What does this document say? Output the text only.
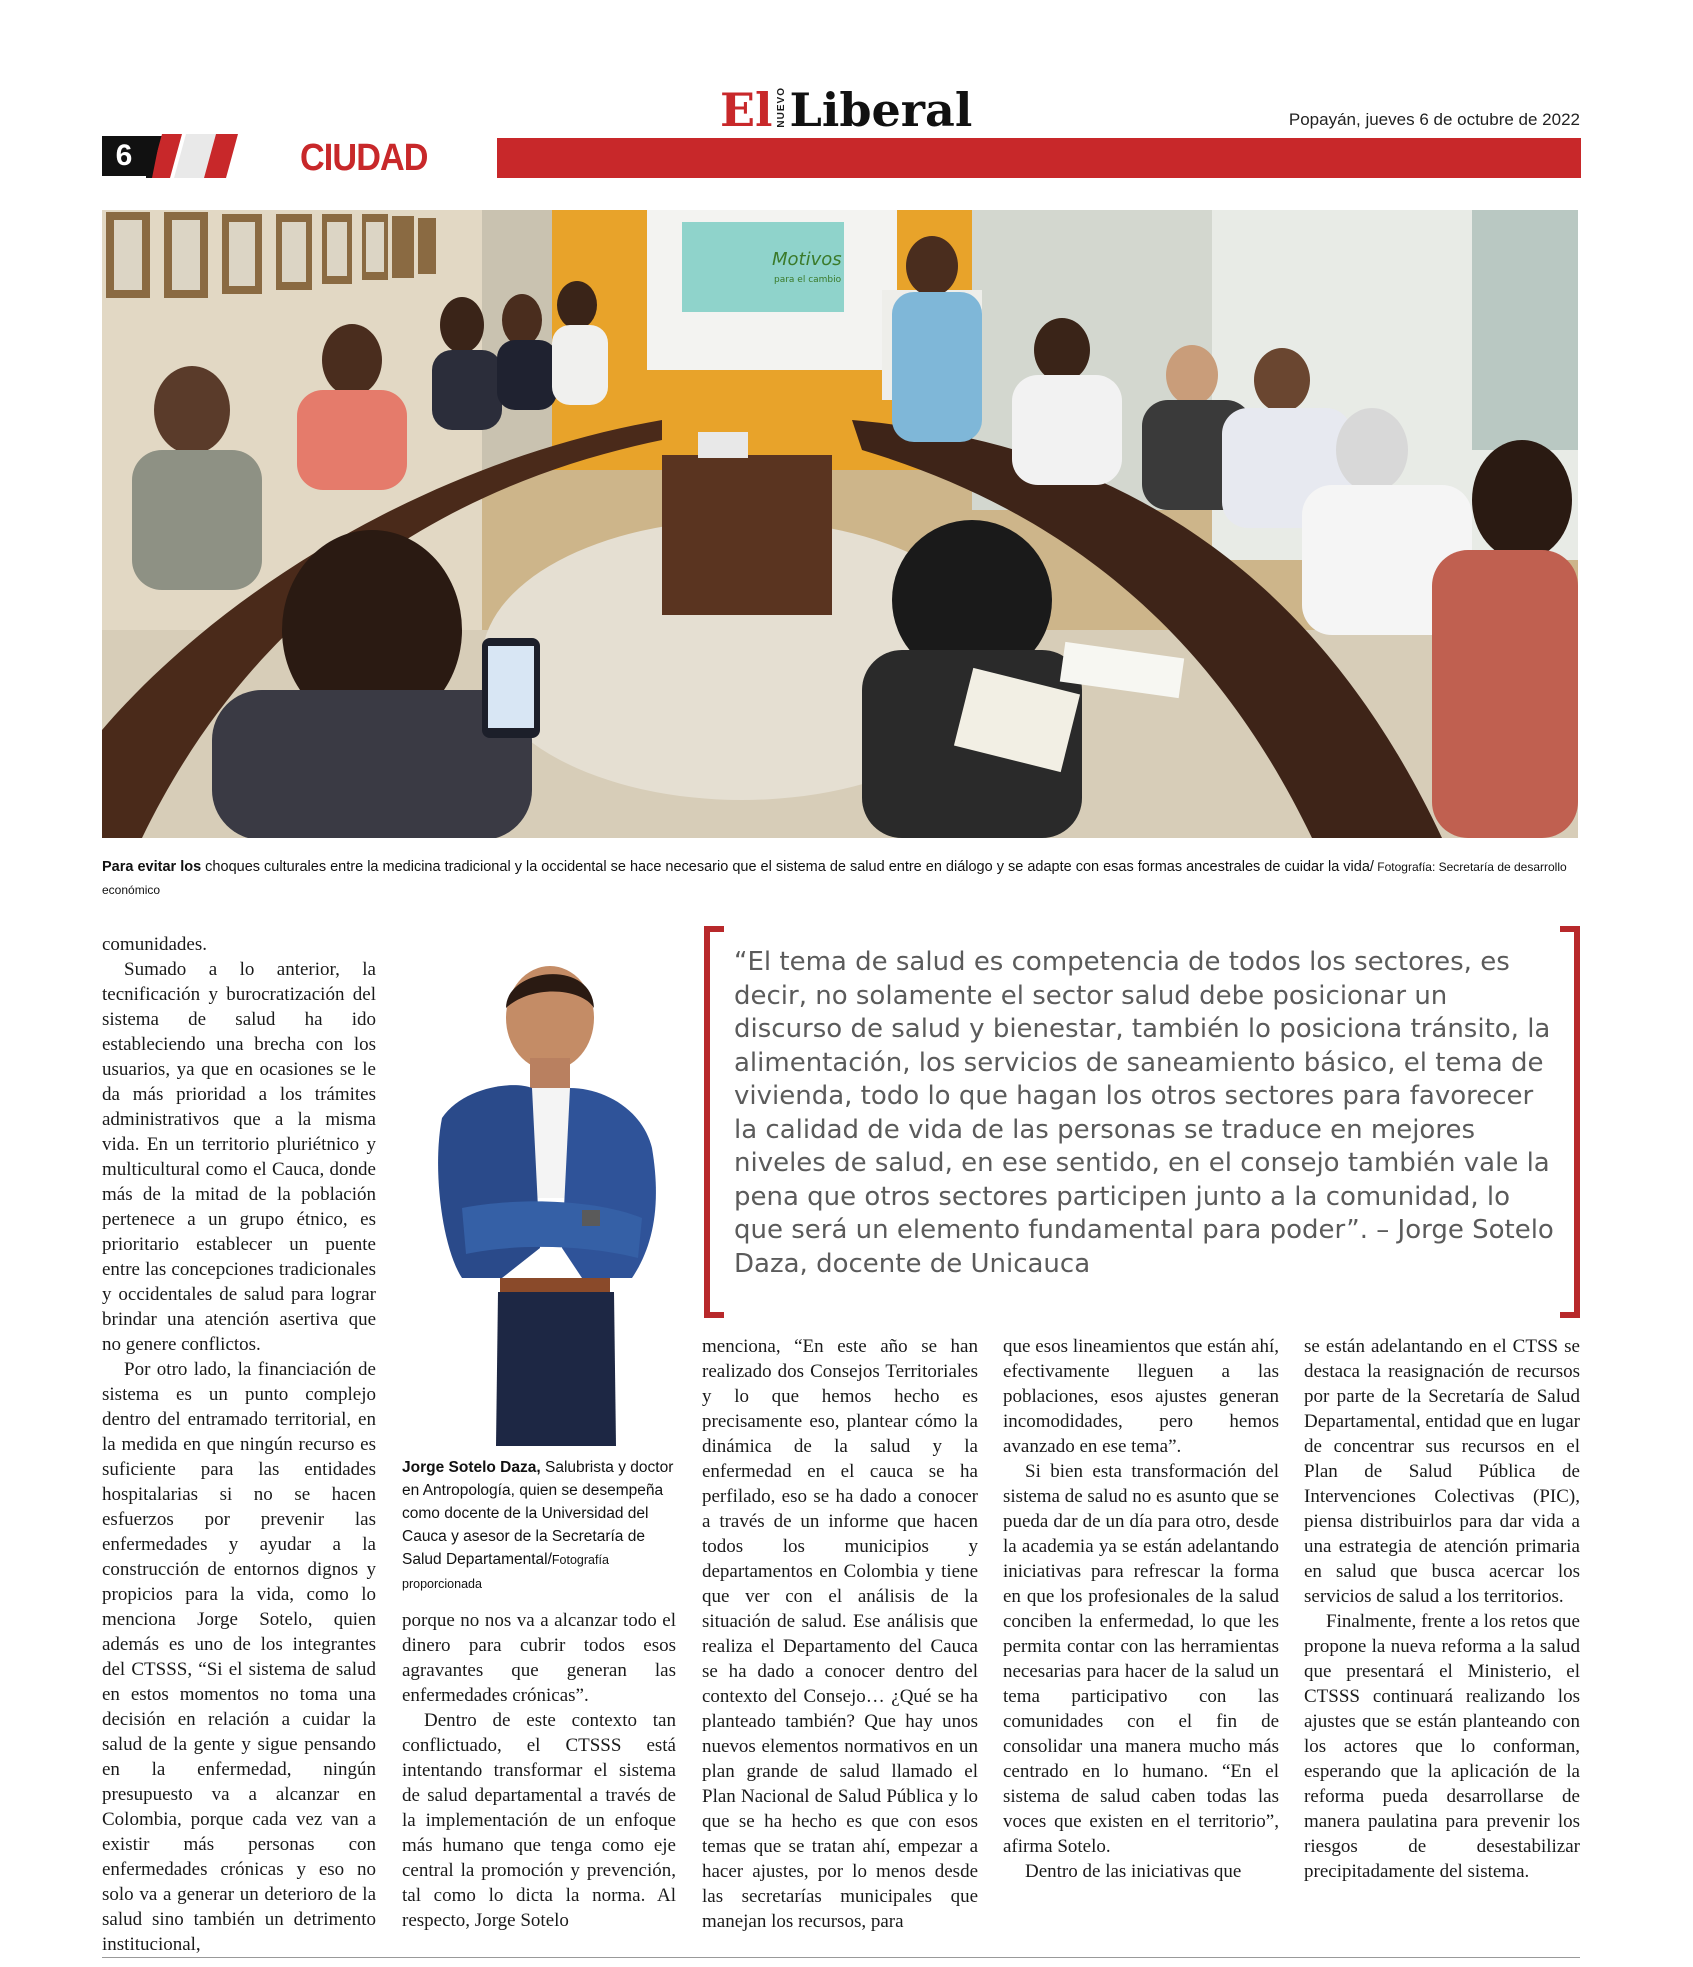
6	CIUDAD
El NUEVO Liberal	Popayán, jueves 6 de octubre de 2022
Motivos
para el cambio
Para evitar los choques culturales entre la medicina tradicional y la occidental se hace necesario que el sistema de salud entre en diálogo y se adapte con esas formas ancestrales de cuidar la vida/ Fotografía: Secretaría de desarrollo económico

comunidades.

Sumado a lo anterior, la tecnificación y burocratización del sistema de salud ha ido estableciendo una brecha con los usuarios, ya que en ocasiones se le da más prioridad a los trámites administrativos que a la misma vida. En un territorio pluriétnico y multicultural como el Cauca, donde más de la mitad de la población pertenece a un grupo étnico, es prioritario establecer un puente entre las concepciones tradicionales y occidentales de salud para lograr brindar una atención asertiva que no genere conflictos.

Por otro lado, la financiación de sistema es un punto complejo dentro del entramado territorial, en la medida en que ningún recurso es suficiente para las entidades hospitalarias si no se hacen esfuerzos por prevenir las enfermedades y ayudar a la construcción de entornos dignos y propicios para la vida, como lo menciona Jorge Sotelo, quien además es uno de los integrantes del CTSSS, “Si el sistema de salud en estos momentos no toma una decisión en relación a cuidar la salud de la gente y sigue pensando en la enfermedad, ningún presupuesto va a alcanzar en Colombia, porque cada vez van a existir más personas con enfermedades crónicas y eso no solo va a generar un deterioro de la salud sino también un detrimento institucional,

Jorge Sotelo Daza, Salubrista y doctor en Antropología, quien se desempeña como docente de la Universidad del Cauca y asesor de la Secretaría de Salud Departamental/Fotografía proporcionada

porque no nos va a alcanzar todo el dinero para cubrir todos esos agravantes que generan las enfermedades crónicas”.

Dentro de este contexto tan conflictuado, el CTSSS está intentando transformar el sistema de salud departamental a través de la implementación de un enfoque más humano que tenga como eje central la promoción y prevención, tal como lo dicta la norma. Al respecto, Jorge Sotelo

“El tema de salud es competencia de todos los sectores, es decir, no solamente el sector salud debe posicionar un discurso de salud y bienestar, también lo posiciona tránsito, la alimentación, los servicios de saneamiento básico, el tema de vivienda, todo lo que hagan los otros sectores para favorecer la calidad de vida de las personas se traduce en mejores niveles de salud, en ese sentido, en el consejo también vale la pena que otros sectores participen junto a la comunidad, lo que será un elemento fundamental para poder”. – Jorge Sotelo Daza, docente de Unicauca

menciona, “En este año se han realizado dos Consejos Territoriales y lo que hemos hecho es precisamente eso, plantear cómo la dinámica de la salud y la enfermedad en el cauca se ha perfilado, eso se ha dado a conocer a través de un informe que hacen todos los municipios y departamentos en Colombia y tiene que ver con el análisis de la situación de salud. Ese análisis que realiza el Departamento del Cauca se ha dado a conocer dentro del contexto del Consejo… ¿Qué se ha planteado también? Que hay unos nuevos elementos normativos en un plan grande de salud llamado el Plan Nacional de Salud Pública y lo que se ha hecho es que con esos temas que se tratan ahí, empezar a hacer ajustes, por lo menos desde las secretarías municipales que manejan los recursos, para

que esos lineamientos que están ahí, efectivamente lleguen a las poblaciones, esos ajustes generan incomodidades, pero hemos avanzado en ese tema”.

Si bien esta transformación del sistema de salud no es asunto que se pueda dar de un día para otro, desde la academia ya se están adelantando iniciativas para refrescar la forma en que los profesionales de la salud conciben la enfermedad, lo que les permita contar con las herramientas necesarias para hacer de la salud un tema participativo con las comunidades con el fin de consolidar una manera mucho más centrado en lo humano. “En el sistema de salud caben todas las voces que existen en el territorio”, afirma Sotelo.

Dentro de las iniciativas que

se están adelantando en el CTSS se destaca la reasignación de recursos por parte de la Secretaría de Salud Departamental, entidad que en lugar de concentrar sus recursos en el Plan de Salud Pública de Intervenciones Colectivas (PIC), piensa distribuirlos para dar vida a una estrategia de atención primaria en salud que busca acercar los servicios de salud a los territorios.

Finalmente, frente a los retos que propone la nueva reforma a la salud que presentará el Ministerio, el CTSSS continuará realizando los ajustes que se están planteando con los actores que lo conforman, esperando que la aplicación de la reforma pueda desarrollarse de manera paulatina para prevenir los riesgos de desestabilizar precipitadamente del sistema.
